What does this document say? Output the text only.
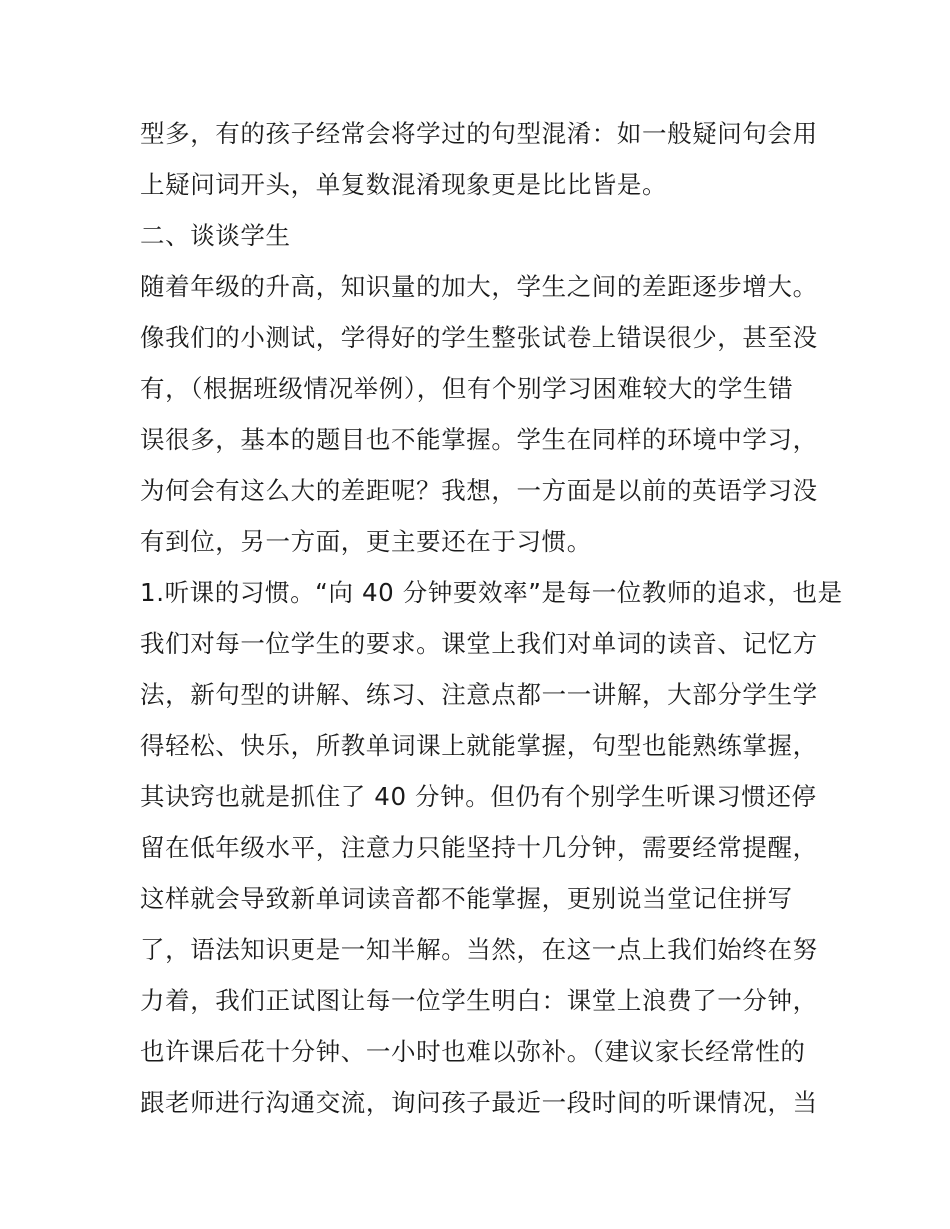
型多，有的孩子经常会将学过的句型混淆：如一般疑问句会用
上疑问词开头，单复数混淆现象更是比比皆是。
二、谈谈学生
随着年级的升高，知识量的加大，学生之间的差距逐步增大。
像我们的小测试，学得好的学生整张试卷上错误很少，甚至没
有，（根据班级情况举例），但有个别学习困难较大的学生错
误很多，基本的题目也不能掌握。学生在同样的环境中学习，
为何会有这么大的差距呢？我想，一方面是以前的英语学习没
有到位，另一方面，更主要还在于习惯。
1.听课的习惯。“向 40 分钟要效率”是每一位教师的追求，也是
我们对每一位学生的要求。课堂上我们对单词的读音、记忆方
法，新句型的讲解、练习、注意点都一一讲解，大部分学生学
得轻松、快乐，所教单词课上就能掌握，句型也能熟练掌握，
其诀窍也就是抓住了 40 分钟。但仍有个别学生听课习惯还停
留在低年级水平，注意力只能坚持十几分钟，需要经常提醒，
这样就会导致新单词读音都不能掌握，更别说当堂记住拼写
了，语法知识更是一知半解。当然，在这一点上我们始终在努
力着，我们正试图让每一位学生明白：课堂上浪费了一分钟，
也许课后花十分钟、一小时也难以弥补。（建议家长经常性的
跟老师进行沟通交流，询问孩子最近一段时间的听课情况，当
